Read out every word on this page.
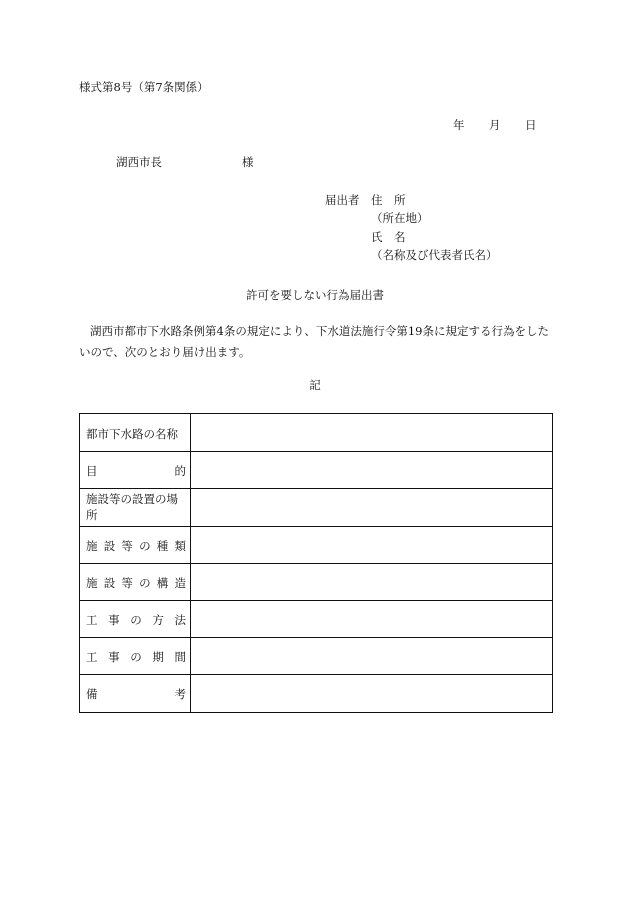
様式第8号（第7条関係）
年 月 日
湖西市長	様
届出者 住　所
（所在地）
氏　名
（名称及び代表者氏名）
許可を要しない行為届出書
湖西市都市下水路条例第4条の規定により、下水道法施行令第19条に規定する行為をしたいので、次のとおり届け出ます。
記
都市下水路の名称
目	的
施設等の設置の場所
施 設 等 の 種 類
施 設 等 の 構 造
工 事 の 方 法
工 事 の 期 間
備	考
